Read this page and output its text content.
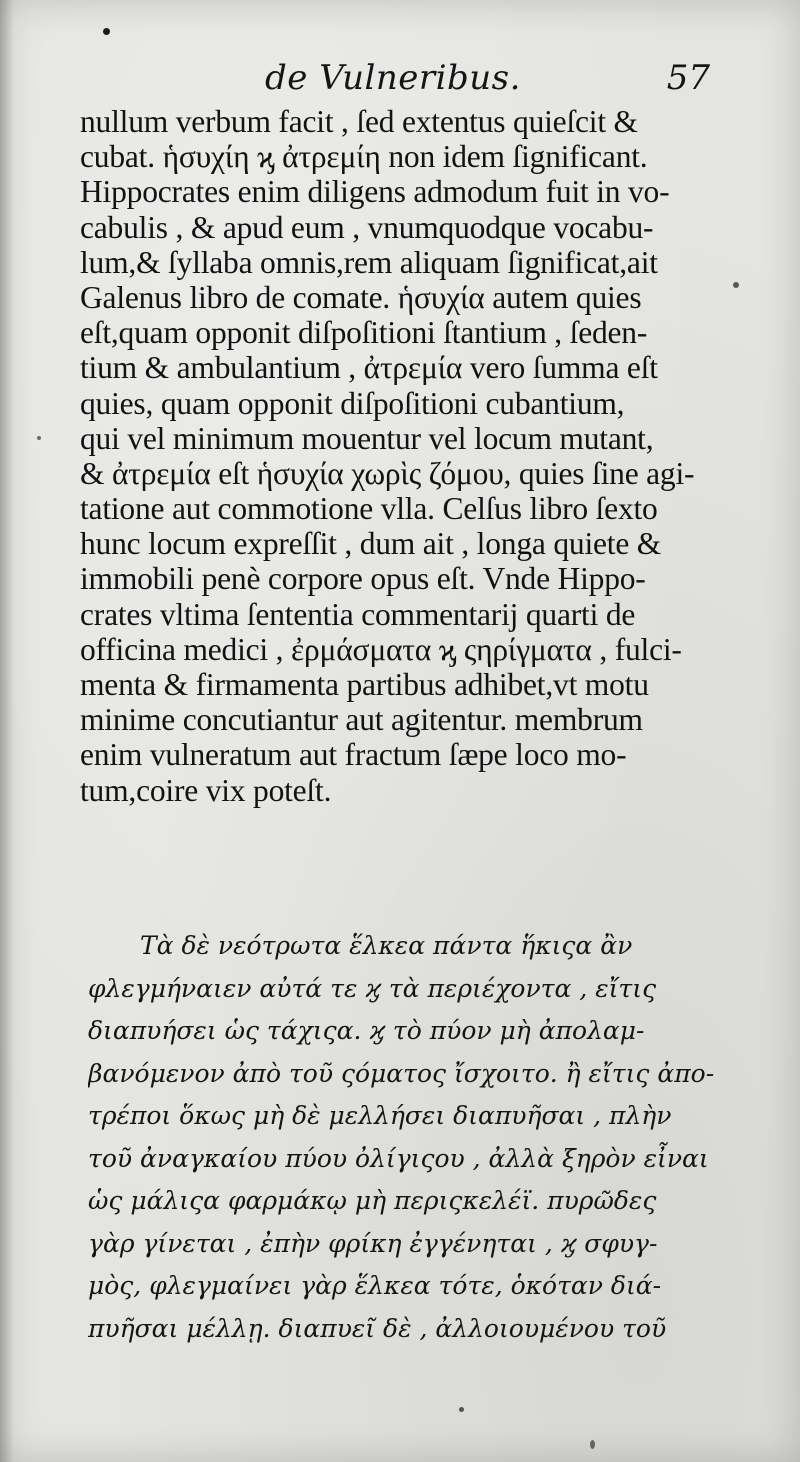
de Vulneribus.	57
nullum verbum facit , ſed extentus quieſcit &
cubat. ἡσυχίη ϗ ἀτρεμίη non idem ſignificant.
Hippocrates enim diligens admodum fuit in vo-
cabulis , & apud eum , vnumquodque vocabu-
lum,& ſyllaba omnis,rem aliquam ſignificat,ait
Galenus libro de comate. ἡσυχία autem quies
eſt,quam opponit diſpoſitioni ſtantium , ſeden-
tium & ambulantium , ἀτρεμία vero ſumma eſt
quies, quam opponit diſpoſitioni cubantium,
qui vel minimum mouentur vel locum mutant,
& ἀτρεμία eſt ἡσυχία χωρὶς ζόμου, quies ſine agi-
tatione aut commotione vlla. Celſus libro ſexto
hunc locum expreſſit , dum ait , longa quiete &
immobili penè corpore opus eſt. Vnde Hippo-
crates vltima ſententia commentarij quarti de
officina medici , ἐρμάσματα ϗ ςηρίγματα , fulci-
menta & firmamenta partibus adhibet,vt motu
minime concutiantur aut agitentur. membrum
enim vulneratum aut fractum ſæpe loco mo-
tum,coire vix poteſt.
Τὰ δὲ νεότρωτα ἕλκεα πάντα ἥκιςα ἂν
φλεγμήναιεν αὐτά τε ϗ τὰ περιέχοντα , εἴτις
διαπυήσει ὡς τάχιςα. ϗ τὸ πύον μὴ ἀπολαμ-
βανόμενον ἀπὸ τοῦ ςόματος ἴσχοιτο. ἢ εἴτις ἀπο-
τρέποι ὅκως μὴ δὲ μελλήσει διαπυῆσαι , πλὴν
τοῦ ἀναγκαίου πύου ὀλίγιςου , ἀλλὰ ξηρὸν εἶναι
ὡς μάλιςα φαρμάκῳ μὴ περιςκελέϊ. πυρῶδες
γὰρ γίνεται , ἐπὴν φρίκη ἐγγένηται , ϗ σφυγ-
μὸς, φλεγμαίνει γὰρ ἕλκεα τότε, ὁκόταν διά-
πυῆσαι μέλλῃ. διαπυεῖ δὲ , ἀλλοιουμένου τοῦ
